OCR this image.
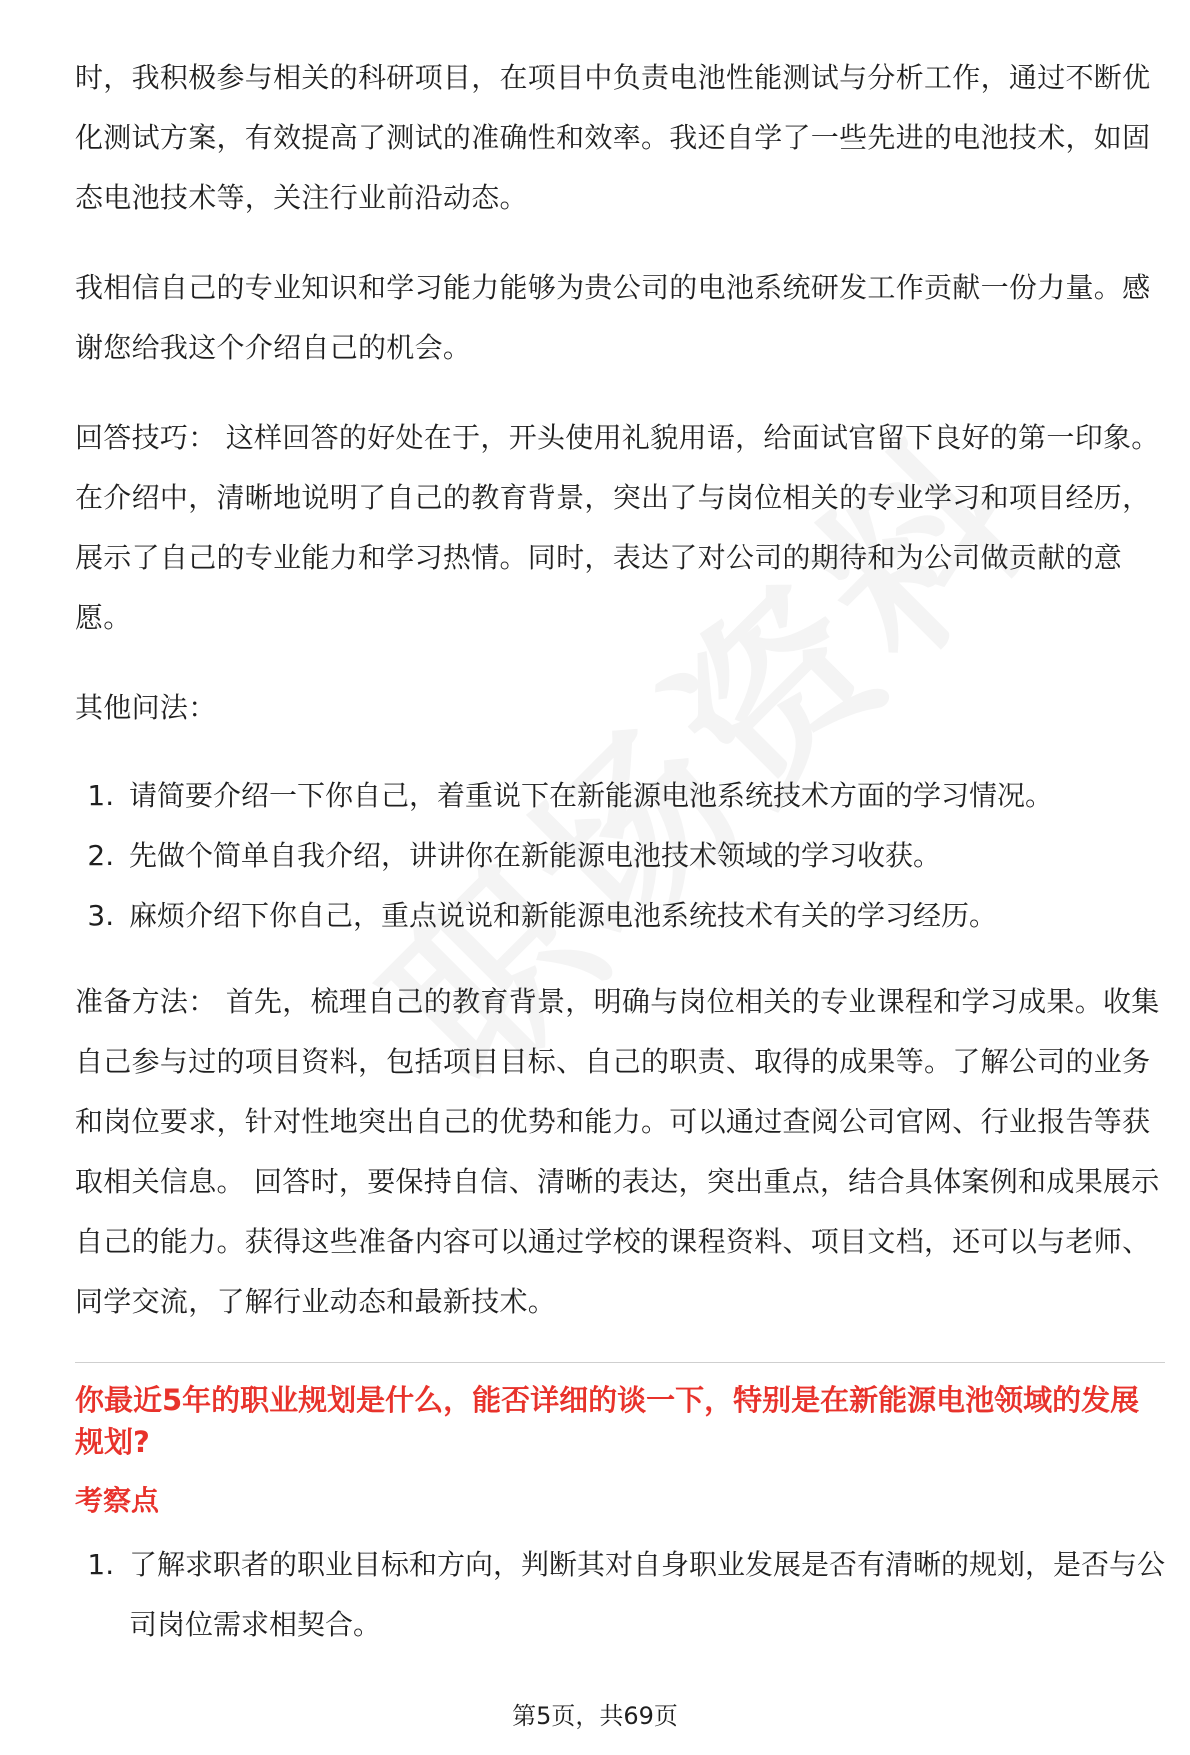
时，我积极参与相关的科研项目，在项目中负责电池性能测试与分析工作，通过不断优化测试方案，有效提高了测试的准确性和效率。我还自学了一些先进的电池技术，如固态电池技术等，关注行业前沿动态。

我相信自己的专业知识和学习能力能够为贵公司的电池系统研发工作贡献一份力量。感谢您给我这个介绍自己的机会。

回答技巧： 这样回答的好处在于，开头使用礼貌用语，给面试官留下良好的第一印象。在介绍中，清晰地说明了自己的教育背景，突出了与岗位相关的专业学习和项目经历，展示了自己的专业能力和学习热情。同时，表达了对公司的期待和为公司做贡献的意愿。

其他问法：

1. 请简要介绍一下你自己，着重说下在新能源电池系统技术方面的学习情况。
2. 先做个简单自我介绍，讲讲你在新能源电池技术领域的学习收获。
3. 麻烦介绍下你自己，重点说说和新能源电池系统技术有关的学习经历。

准备方法： 首先，梳理自己的教育背景，明确与岗位相关的专业课程和学习成果。收集自己参与过的项目资料，包括项目目标、自己的职责、取得的成果等。了解公司的业务和岗位要求，针对性地突出自己的优势和能力。可以通过查阅公司官网、行业报告等获取相关信息。 回答时，要保持自信、清晰的表达，突出重点，结合具体案例和成果展示自己的能力。获得这些准备内容可以通过学校的课程资料、项目文档，还可以与老师、同学交流，了解行业动态和最新技术。

你最近5年的职业规划是什么，能否详细的谈一下，特别是在新能源电池领域的发展规划?
考察点
1. 了解求职者的职业目标和方向，判断其对自身职业发展是否有清晰的规划，是否与公司岗位需求相契合。
第5页，共69页
